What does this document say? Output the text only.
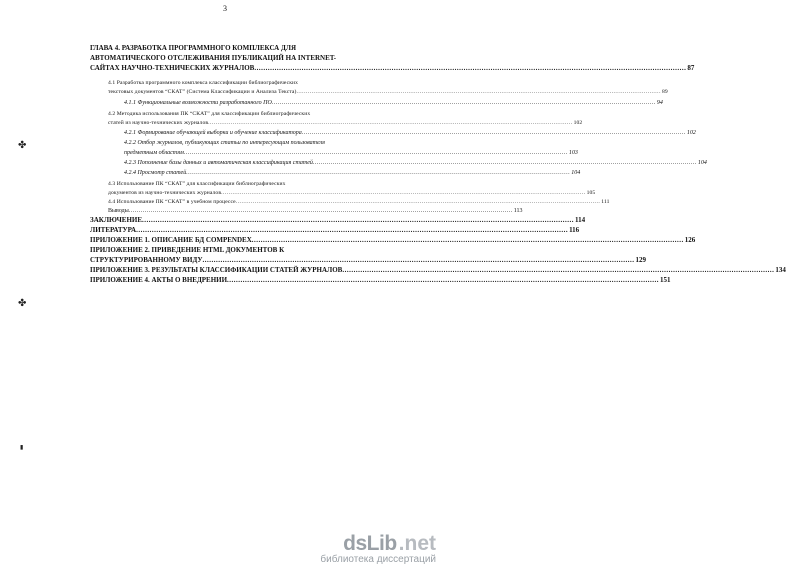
3
ГЛАВА 4. РАЗРАБОТКА ПРОГРАММНОГО КОМПЛЕКСА ДЛЯ
АВТОМАТИЧЕСКОГО ОТСЛЕЖИВАНИЯ ПУБЛИКАЦИЙ НА INTERNET-
САЙТАХ НАУЧНО-ТЕХНИЧЕСКИХ ЖУРНАЛОВ .....	87
4.1 Разработка программного комплекса классификации библиографических
текстовых документов “СКАТ” (Система Классификации и Анализа Текста) .....	89
4.1.1 Функциональные возможности разработанного ПО .....	94
4.2 Методика использования ПК “СКАТ” для классификации библиографических
статей из научно-технических журналов .....	102
4.2.1 Формирование обучающей выборки и обучение классификатора .....	102
4.2.2 Отбор журналов, публикующих статьи по интересующим пользователя
предметным областям .....	103
4.2.3 Пополнение базы данных и автоматическая классификация статей .....	104
4.2.4 Просмотр статей .....	104
4.3 Использование ПК “СКАТ” для классификации библиографических
документов из научно-технических журналов .....	105
4.4 Использование ПК “СКАТ” в учебном процессе .....	111
Выводы .....	113
ЗАКЛЮЧЕНИЕ .....	114
ЛИТЕРАТУРА .....	116
ПРИЛОЖЕНИЕ 1. ОПИСАНИЕ БД COMPENDEX .....	126
ПРИЛОЖЕНИЕ 2. ПРИВЕДЕНИЕ HTML ДОКУМЕНТОВ К
СТРУКТУРИРОВАННОМУ ВИДУ .....	129
ПРИЛОЖЕНИЕ 3. РЕЗУЛЬТАТЫ КЛАССИФИКАЦИИ СТАТЕЙ ЖУРНАЛОВ .....	134
ПРИЛОЖЕНИЕ 4. АКТЫ О ВНЕДРЕНИИ .....	151
✤
✤
▮
dsLib .net
библиотека диссертаций
